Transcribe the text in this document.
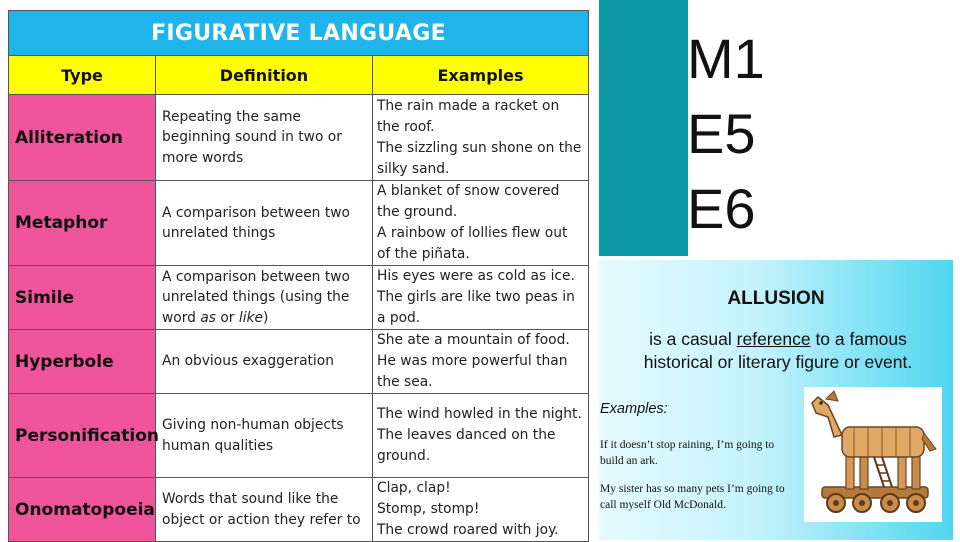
FIGURATIVE LANGUAGE		
Type	Definition	Examples
Alliteration	Repeating the same beginning sound in two or more words	The rain made a racket on the roof.
The sizzling sun shone on the silky sand.

Metaphor	A comparison between two unrelated things	A blanket of snow covered the ground.
A rainbow of lollies flew out of the piñata.

Simile	A comparison between two unrelated things (using the word as or like)	His eyes were as cold as ice.
The girls are like two peas in a pod.

Hyperbole	An obvious exaggeration	She ate a mountain of food.
He was more powerful than the sea.

Personification	Giving non-human objects human qualities	The wind howled in the night.
The leaves danced on the ground.

Onomatopoeia	Words that sound like the object or action they refer to	Clap, clap!
Stomp, stomp!
The crowd roared with joy.
M1
E5
E6
ALLUSION
is a casual reference to a famous historical or literary figure or event.
Examples:
If it doesn’t stop raining, I’m going to build an ark.
My sister has so many pets I’m going to call myself Old McDonald.
